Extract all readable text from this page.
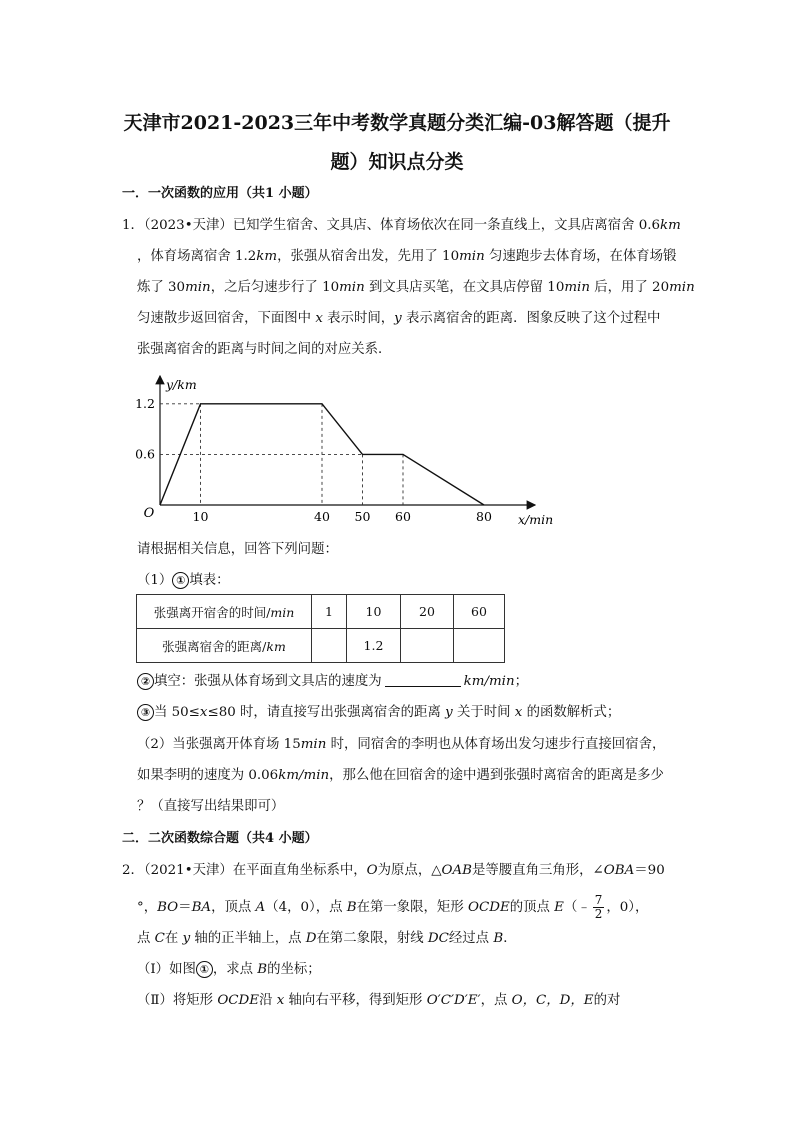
天津市2021-2023三年中考数学真题分类汇编-03解答题（提升
题）知识点分类
一．一次函数的应用（共1 小题）
1．（2023•天津）已知学生宿舍、文具店、体育场依次在同一条直线上，文具店离宿舍 0.6km
，体育场离宿舍 1.2km，张强从宿舍出发，先用了 10min 匀速跑步去体育场，在体育场锻
炼了 30min，之后匀速步行了 10min 到文具店买笔，在文具店停留 10min 后，用了 20min
匀速散步返回宿舍，下面图中 x 表示时间，y 表示离宿舍的距离．图象反映了这个过程中
张强离宿舍的距离与时间之间的对应关系．
10	40 50 60	80
0.6
1.2
O	x/min
y/km
请根据相关信息，回答下列问题：
（1） ① 填表：
张强离开宿舍的时间/min	1	10	20	60
张强离宿舍的距离/km		1.2		
② 填空：张强从体育场到文具店的速度为	km/min；
③ 当 50≤x≤80 时，请直接写出张强离宿舍的距离 y 关于时间 x 的函数解析式；
（2）当张强离开体育场 15min 时，同宿舍的李明也从体育场出发匀速步行直接回宿舍，
如果李明的速度为 0.06km/min，那么他在回宿舍的途中遇到张强时离宿舍的距离是多少
？（直接写出结果即可）
二．二次函数综合题（共4 小题）
2．（2021•天津）在平面直角坐标系中，O为原点，△OAB是等腰直角三角形，∠OBA＝90
°，BO＝BA，顶点 A（4，0），点 B在第一象限，矩形 OCDE的顶点 E（﹣ $\frac{7}{2}$ ，0），
点 C在 y 轴的正半轴上，点 D在第二象限，射线 DC经过点 B．
（Ⅰ）如图 ① ，求点 B的坐标；
（Ⅱ）将矩形 OCDE沿 x 轴向右平移，得到矩形 O′C′D′E′，点 O，C，D，E的对
